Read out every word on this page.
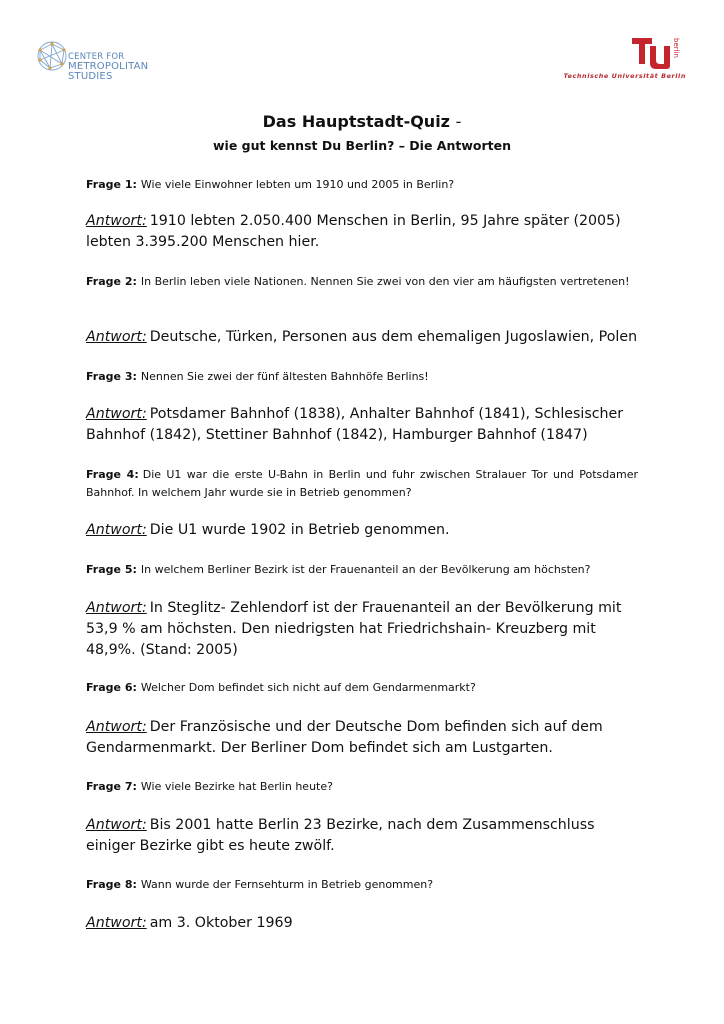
CENTER FOR
METROPOLITAN
STUDIES
berlin
Technische Universität Berlin
Das Hauptstadt-Quiz -
wie gut kennst Du Berlin? – Die Antworten
Frage 1: Wie viele Einwohner lebten um 1910 und 2005 in Berlin?
Antwort: 1910 lebten 2.050.400 Menschen in Berlin, 95 Jahre später (2005) lebten 3.395.200 Menschen hier.
Frage 2: In Berlin leben viele Nationen. Nennen Sie zwei von den vier am häufigsten vertretenen!
Antwort: Deutsche, Türken, Personen aus dem ehemaligen Jugoslawien, Polen
Frage 3: Nennen Sie zwei der fünf ältesten Bahnhöfe Berlins!
Antwort: Potsdamer Bahnhof (1838), Anhalter Bahnhof (1841), Schlesischer Bahnhof (1842), Stettiner Bahnhof (1842), Hamburger Bahnhof (1847)
Frage 4: Die U1 war die erste U-Bahn in Berlin und fuhr zwischen Stralauer Tor und Potsdamer Bahnhof. In welchem Jahr wurde sie in Betrieb genommen?
Antwort: Die U1 wurde 1902 in Betrieb genommen.
Frage 5: In welchem Berliner Bezirk ist der Frauenanteil an der Bevölkerung am höchsten?
Antwort: In Steglitz- Zehlendorf ist der Frauenanteil an der Bevölkerung mit 53,9 % am höchsten. Den niedrigsten hat Friedrichshain- Kreuzberg mit 48,9%. (Stand: 2005)
Frage 6: Welcher Dom befindet sich nicht auf dem Gendarmenmarkt?
Antwort: Der Französische und der Deutsche Dom befinden sich auf dem Gendarmenmarkt. Der Berliner Dom befindet sich am Lustgarten.
Frage 7: Wie viele Bezirke hat Berlin heute?
Antwort: Bis 2001 hatte Berlin 23 Bezirke, nach dem Zusammenschluss einiger Bezirke gibt es heute zwölf.
Frage 8: Wann wurde der Fernsehturm in Betrieb genommen?
Antwort: am 3. Oktober 1969
